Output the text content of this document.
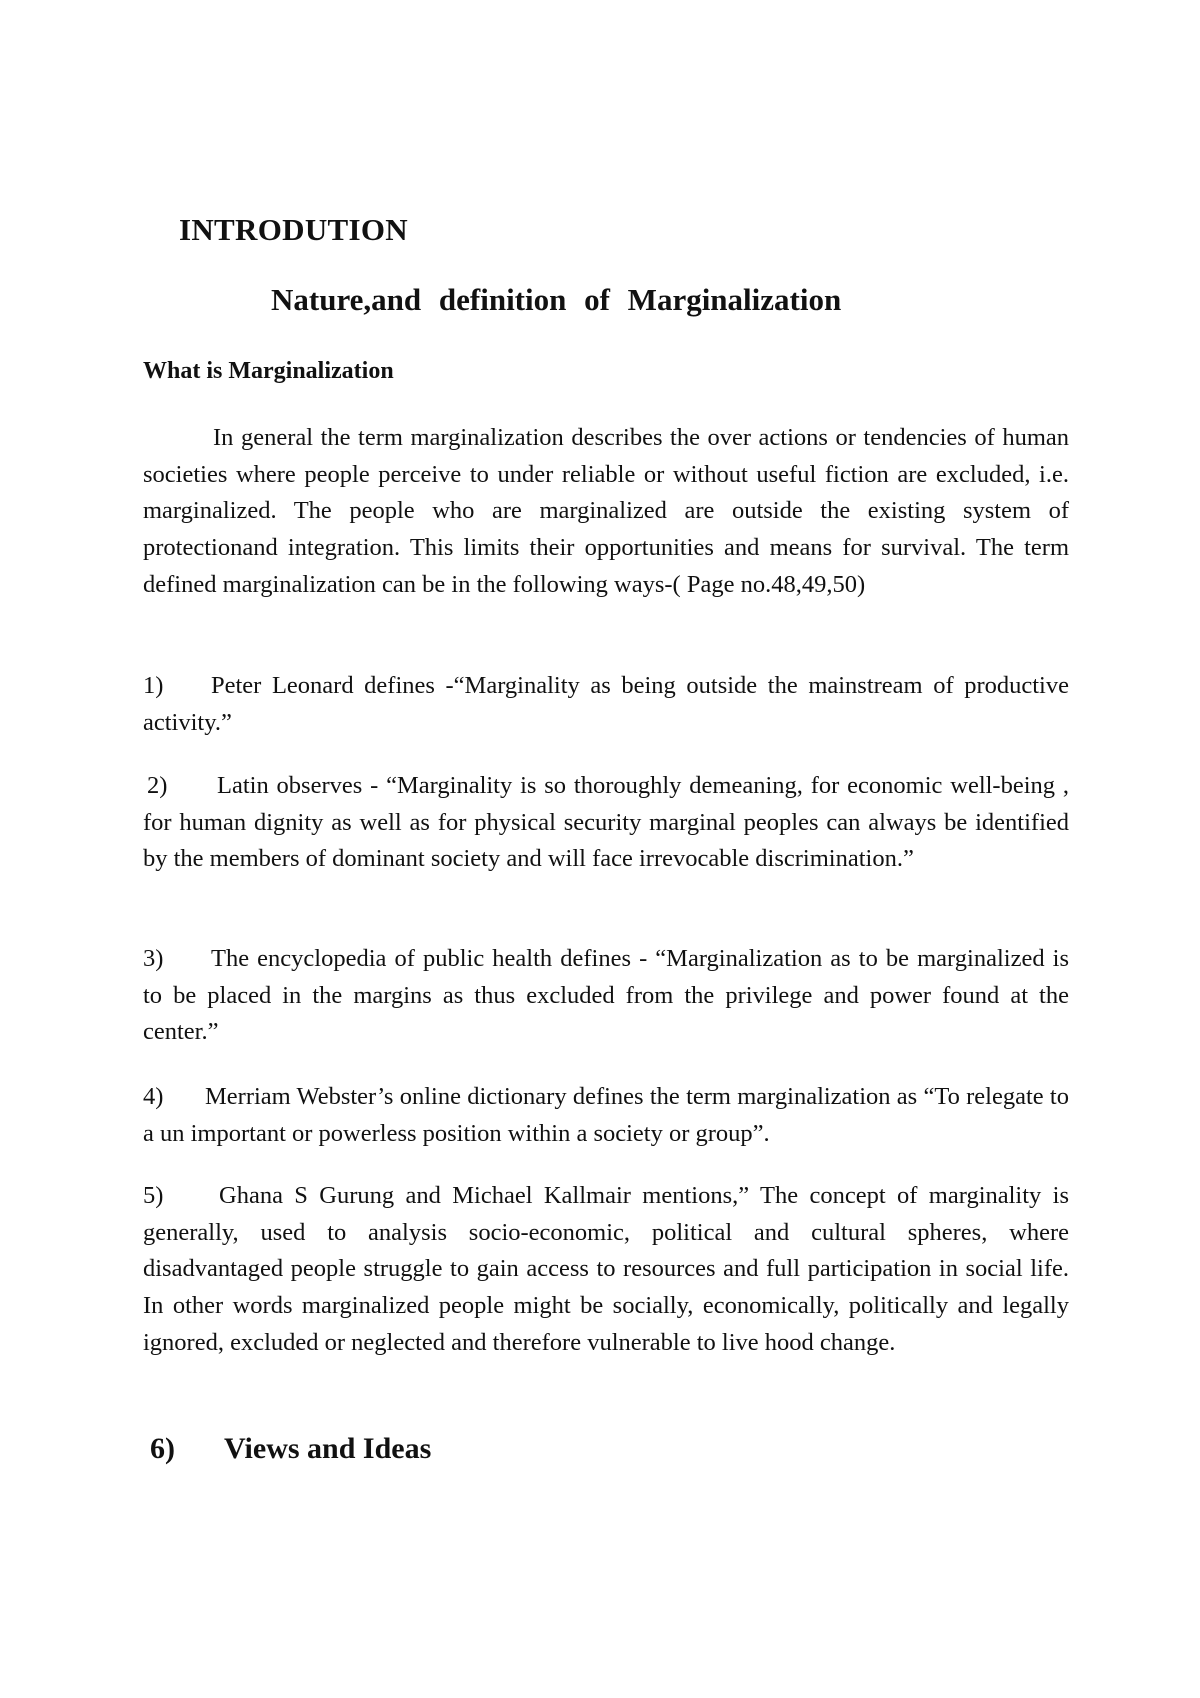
INTRODUTION
Nature,and definition of Marginalization
What is Marginalization

In general the term marginalization describes the over actions or tendencies of human societies where people perceive to under reliable or without useful fiction are excluded, i.e. marginalized. The people who are marginalized are outside the existing system of protectionand integration. This limits their opportunities and means for survival. The term defined marginalization can be in the following ways-( Page no.48,49,50)

1) Peter Leonard defines -“Marginality as being outside the mainstream of productive activity.”

2) Latin observes - “Marginality is so thoroughly demeaning, for economic well-being , for human dignity as well as for physical security marginal peoples can always be identified by the members of dominant society and will face irrevocable discrimination.”

3) The encyclopedia of public health defines - “Marginalization as to be marginalized is to be placed in the margins as thus excluded from the privilege and power found at the center.”

4) Merriam Webster’s online dictionary defines the term marginalization as “To relegate to a un important or powerless position within a society or group”.

5) Ghana S Gurung and Michael Kallmair mentions,” The concept of marginality is generally, used to analysis socio-economic, political and cultural spheres, where disadvantaged people struggle to gain access to resources and full participation in social life. In other words marginalized people might be socially, economically, politically and legally ignored, excluded or neglected and therefore vulnerable to live hood change.

6) Views and Ideas
